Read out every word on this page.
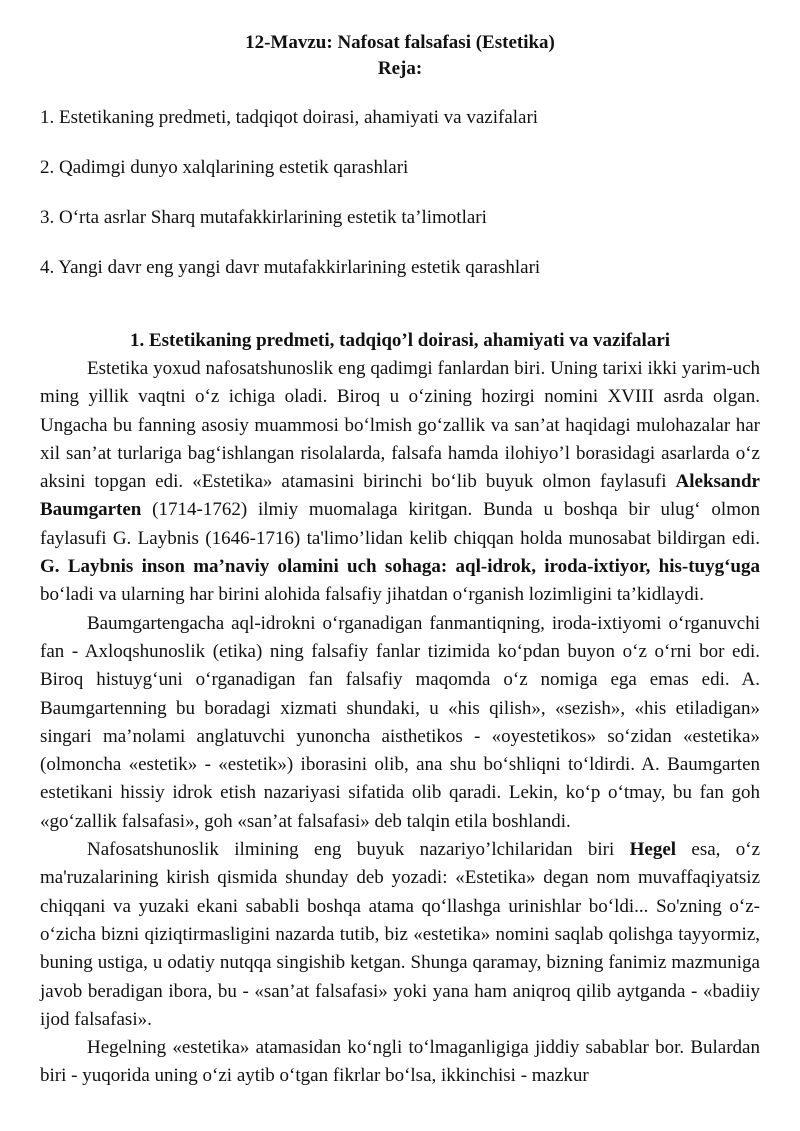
12-Mavzu: Nafosat falsafasi (Estetika)

Reja:

1. Estetikaning predmeti, tadqiqot doirasi, ahamiyati va vazifalari

2. Qadimgi dunyo xalqlarining estetik qarashlari

3. O‘rta asrlar Sharq mutafakkirlarining estetik ta’limotlari

4. Yangi davr eng yangi davr mutafakkirlarining estetik qarashlari

1. Estetikaning predmeti, tadqiqo’l doirasi, ahamiyati va vazifalari

Estetika yoxud nafosatshunoslik eng qadimgi fanlardan biri. Uning tarixi ikki yarim-uch ming yillik vaqtni o‘z ichiga oladi. Biroq u o‘zining hozirgi nomini XVIII asrda olgan. Ungacha bu fanning asosiy muammosi bo‘lmish go‘zallik va san’at haqidagi mulohazalar har xil san’at turlariga bag‘ishlangan risolalarda, falsafa hamda ilohiyo’l borasidagi asarlarda o‘z aksini topgan edi. «Estetika» atamasini birinchi bo‘lib buyuk olmon faylasufi Aleksandr Baumgarten (1714-1762) ilmiy muomalaga kiritgan. Bunda u boshqa bir ulug‘ olmon faylasufi G. Laybnis (1646-1716) ta'limo’lidan kelib chiqqan holda munosabat bildirgan edi. G. Laybnis inson ma’naviy olamini uch sohaga: aql-idrok, iroda-ixtiyor, his-tuyg‘uga bo‘ladi va ularning har birini alohida falsafiy jihatdan o‘rganish lozimligini ta’kidlaydi.

Baumgartengacha aql-idrokni o‘rganadigan fanmantiqning, iroda-ixtiyomi o‘rganuvchi fan - Axloqshunoslik (etika) ning falsafiy fanlar tizimida ko‘pdan buyon o‘z o‘rni bor edi. Biroq histuyg‘uni o‘rganadigan fan falsafiy maqomda o‘z nomiga ega emas edi. A. Baumgartenning bu boradagi xizmati shundaki, u «his qilish», «sezish», «his etiladigan» singari ma’nolami anglatuvchi yunoncha aisthetikos - «oyestetikos» so‘zidan «estetika» (olmoncha «estetik» - «estetik») iborasini olib, ana shu bo‘shliqni to‘ldirdi. A. Baumgarten estetikani hissiy idrok etish nazariyasi sifatida olib qaradi. Lekin, ko‘p o‘tmay, bu fan goh «go‘zallik falsafasi», goh «san’at falsafasi» deb talqin etila boshlandi.

Nafosatshunoslik ilmining eng buyuk nazariyo’lchilaridan biri Hegel esa, o‘z ma'ruzalarining kirish qismida shunday deb yozadi: «Estetika» degan nom muvaffaqiyatsiz chiqqani va yuzaki ekani sababli boshqa atama qo‘llashga urinishlar bo‘ldi... So'zning o‘z-o‘zicha bizni qiziqtirmasligini nazarda tutib, biz «estetika» nomini saqlab qolishga tayyormiz, buning ustiga, u odatiy nutqqa singishib ketgan. Shunga qaramay, bizning fanimiz mazmuniga javob beradigan ibora, bu - «san’at falsafasi» yoki yana ham aniqroq qilib aytganda - «badiiy ijod falsafasi».

Hegelning «estetika» atamasidan ko‘ngli to‘lmaganligiga jiddiy sabablar bor. Bulardan biri - yuqorida uning o‘zi aytib o‘tgan fikrlar bo‘lsa, ikkinchisi - mazkur
